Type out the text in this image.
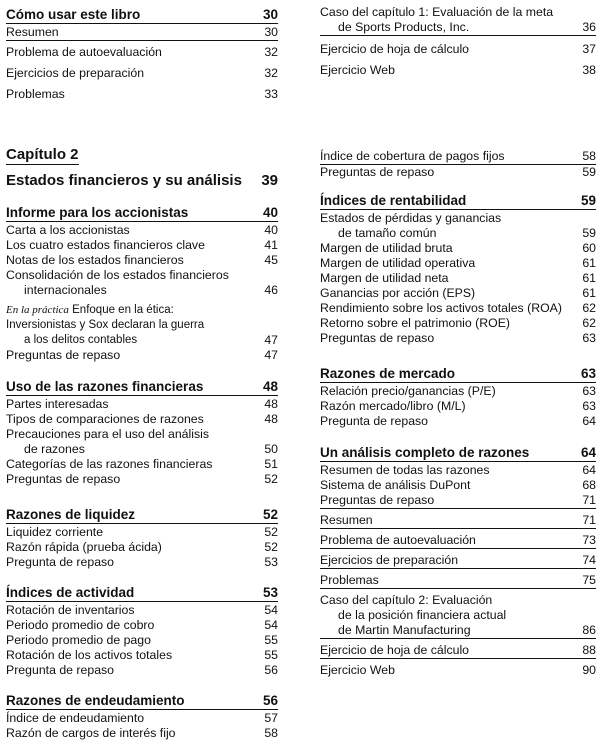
Cómo usar este libro	30
Resumen	30
Problema de autoevaluación	32
Ejercicios de preparación	32
Problemas	33
Capítulo 2
Estados financieros y su análisis 39
Informe para los accionistas	40
Carta a los accionistas	40
Los cuatro estados financieros clave	41
Notas de los estados financieros	45
Consolidación de los estados financieros
internacionales	46
En la práctica Enfoque en la ética:
Inversionistas y Sox declaran la guerra
a los delitos contables	47
Preguntas de repaso	47
Uso de las razones financieras	48
Partes interesadas	48
Tipos de comparaciones de razones	48
Precauciones para el uso del análisis
de razones	50
Categorías de las razones financieras	51
Preguntas de repaso	52
Razones de liquidez	52
Liquidez corriente	52
Razón rápida (prueba ácida)	52
Pregunta de repaso	53
Índices de actividad	53
Rotación de inventarios	54
Periodo promedio de cobro	54
Periodo promedio de pago	55
Rotación de los activos totales	55
Pregunta de repaso	56
Razones de endeudamiento	56
Índice de endeudamiento	57
Razón de cargos de interés fijo	58
Caso del capítulo 1: Evaluación de la meta
de Sports Products, Inc.	36
Ejercicio de hoja de cálculo	37
Ejercicio Web	38
Índice de cobertura de pagos fijos	58
Preguntas de repaso	59
Índices de rentabilidad	59
Estados de pérdidas y ganancias
de tamaño común	59
Margen de utilidad bruta	60
Margen de utilidad operativa	61
Margen de utilidad neta	61
Ganancias por acción (EPS)	61
Rendimiento sobre los activos totales (ROA) 62
Retorno sobre el patrimonio (ROE)	62
Preguntas de repaso	63
Razones de mercado	63
Relación precio/ganancias (P/E)	63
Razón mercado/libro (M/L)	63
Pregunta de repaso	64
Un análisis completo de razones	64
Resumen de todas las razones	64
Sistema de análisis DuPont	68
Preguntas de repaso	71
Resumen	71
Problema de autoevaluación	73
Ejercicios de preparación	74
Problemas	75
Caso del capítulo 2: Evaluación
de la posición financiera actual
de Martin Manufacturing	86
Ejercicio de hoja de cálculo	88
Ejercicio Web	90
